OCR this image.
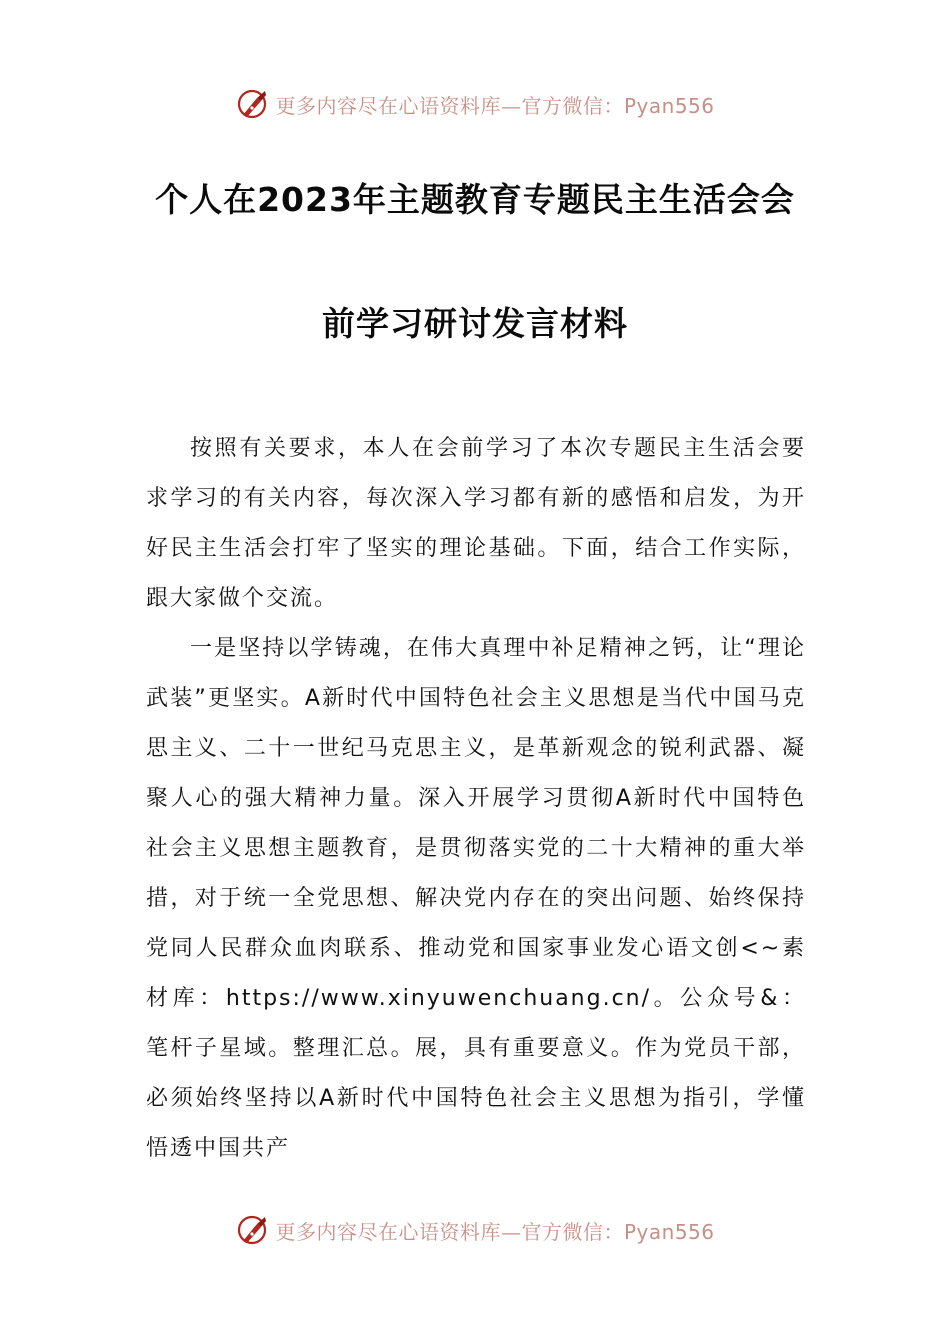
更多内容尽在心语资料库—官方微信：Pyan556
个人在2023年主题教育专题民主生活会会
前学习研讨发言材料

按照有关要求，本人在会前学习了本次专题民主生活会要求学习的有关内容，每次深入学习都有新的感悟和启发，为开好民主生活会打牢了坚实的理论基础。下面，结合工作实际，跟大家做个交流。

一是坚持以学铸魂，在伟大真理中补足精神之钙，让“理论武装”更坚实。A新时代中国特色社会主义思想是当代中国马克思主义、二十一世纪马克思主义，是革新观念的锐利武器、凝聚人心的强大精神力量。深入开展学习贯彻A新时代中国特色社会主义思想主题教育，是贯彻落实党的二十大精神的重大举措，对于统一全党思想、解决党内存在的突出问题、始终保持党同人民群众血肉联系、推动党和国家事业发心语文创<~素材库：https://www.xinyuwenchuang.cn/。公众号&：笔杆子星域。整理汇总。展，具有重要意义。作为党员干部，必须始终坚持以A新时代中国特色社会主义思想为指引，学懂悟透中国共产

更多内容尽在心语资料库—官方微信：Pyan556
